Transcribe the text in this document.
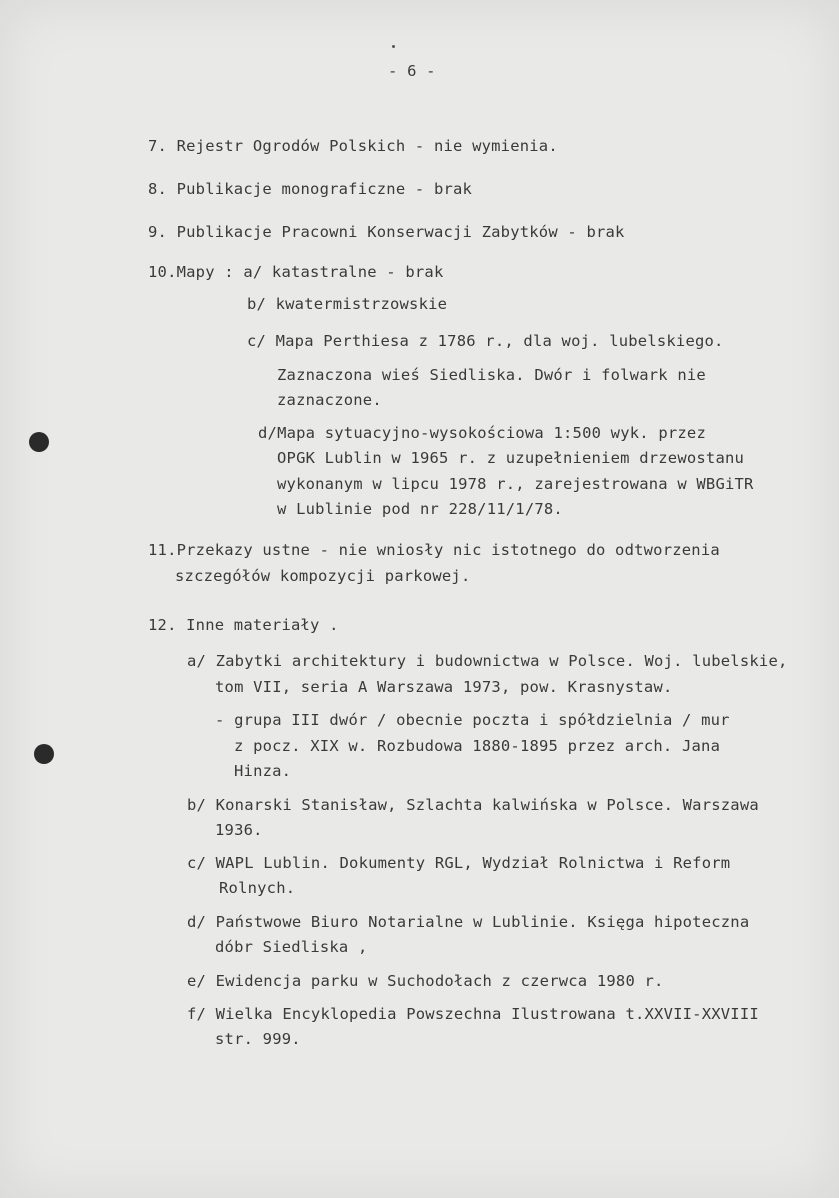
- 6 -
7. Rejestr Ogrodów Polskich - nie wymienia.
8. Publikacje monograficzne - brak
9. Publikacje Pracowni Konserwacji Zabytków - brak
10.Mapy : a/ katastralne - brak
b/ kwatermistrzowskie
c/ Mapa Perthiesa z 1786 r., dla woj. lubelskiego.
Zaznaczona wieś Siedliska. Dwór i folwark nie
zaznaczone.
d/Mapa sytuacyjno-wysokościowa 1:500 wyk. przez
OPGK Lublin w 1965 r. z uzupełnieniem drzewostanu
wykonanym w lipcu 1978 r., zarejestrowana w WBGiTR
w Lublinie pod nr 228/11/1/78.
11.Przekazy ustne - nie wniosły nic istotnego do odtworzenia
szczegółów kompozycji parkowej.
12. Inne materiały .
a/ Zabytki architektury i budownictwa w Polsce. Woj. lubelskie,
tom VII, seria A Warszawa 1973, pow. Krasnystaw.
- grupa III dwór / obecnie poczta i spółdzielnia / mur
z pocz. XIX w. Rozbudowa 1880-1895 przez arch. Jana
Hinza.
b/ Konarski Stanisław, Szlachta kalwińska w Polsce. Warszawa
1936.
c/ WAPL Lublin. Dokumenty RGL, Wydział Rolnictwa i Reform
Rolnych.
d/ Państwowe Biuro Notarialne w Lublinie. Księga hipoteczna
dóbr Siedliska ,
e/ Ewidencja parku w Suchodołach z czerwca 1980 r.
f/ Wielka Encyklopedia Powszechna Ilustrowana t.XXVII-XXVIII
str. 999.
